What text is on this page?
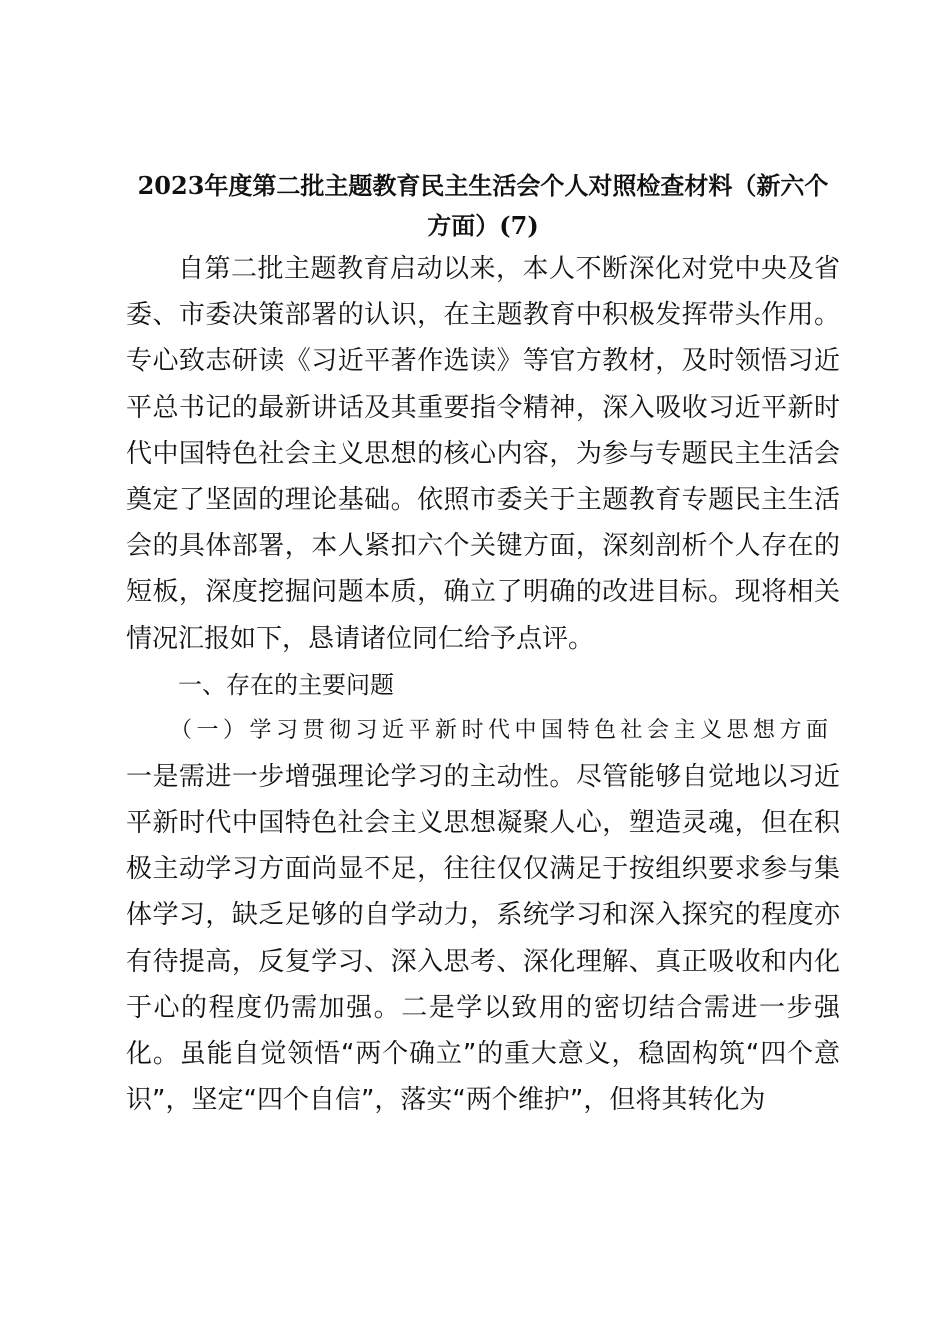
2023年度第二批主题教育民主生活会个人对照检查材料（新六个方面）(7)

自第二批主题教育启动以来，本人不断深化对党中央及省委、市委决策部署的认识，在主题教育中积极发挥带头作用。专心致志研读《习近平著作选读》等官方教材，及时领悟习近平总书记的最新讲话及其重要指令精神，深入吸收习近平新时代中国特色社会主义思想的核心内容，为参与专题民主生活会奠定了坚固的理论基础。依照市委关于主题教育专题民主生活会的具体部署，本人紧扣六个关键方面，深刻剖析个人存在的短板，深度挖掘问题本质，确立了明确的改进目标。现将相关情况汇报如下，恳请诸位同仁给予点评。

一、存在的主要问题

（一）学习贯彻习近平新时代中国特色社会主义思想方面

一是需进一步增强理论学习的主动性。尽管能够自觉地以习近平新时代中国特色社会主义思想凝聚人心，塑造灵魂，但在积极主动学习方面尚显不足，往往仅仅满足于按组织要求参与集体学习，缺乏足够的自学动力，系统学习和深入探究的程度亦有待提高，反复学习、深入思考、深化理解、真正吸收和内化于心的程度仍需加强。二是学以致用的密切结合需进一步强化。虽能自觉领悟“两个确立”的重大意义，稳固构筑“四个意识”，坚定“四个自信”，落实“两个维护”，但将其转化为
